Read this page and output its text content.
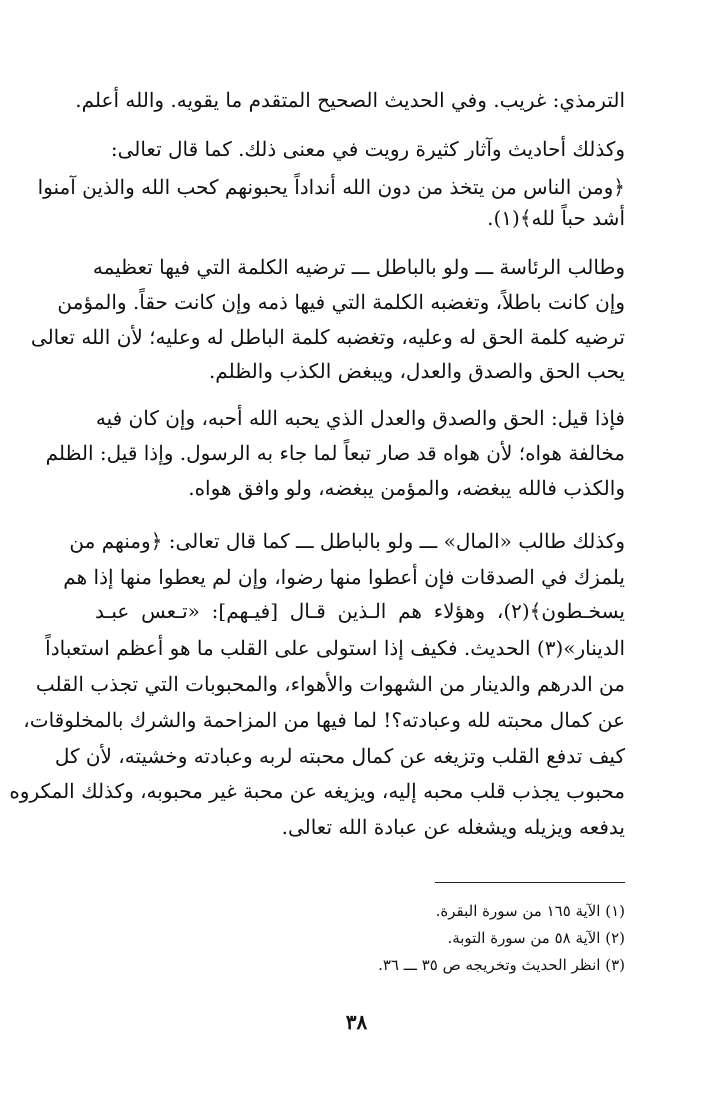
الترمذي: غريب. وفي الحديث الصحيح المتقدم ما يقويه. والله أعلم.
وكذلك أحاديث وآثار كثيرة رويت في معنى ذلك. كما قال تعالى:
﴿ومن الناس من يتخذ من دون الله أنداداً يحبونهم كحب الله والذين آمنوا
أشد حباً لله﴾(١).
وطالب الرئاسة ـــ ولو بالباطل ـــ ترضيه الكلمة التي فيها تعظيمه
وإن كانت باطلاً، وتغضبه الكلمة التي فيها ذمه وإن كانت حقاً. والمؤمن
ترضيه كلمة الحق له وعليه، وتغضبه كلمة الباطل له وعليه؛ لأن الله تعالى
يحب الحق والصدق والعدل، ويبغض الكذب والظلم.
فإذا قيل: الحق والصدق والعدل الذي يحبه الله أحبه، وإن كان فيه
مخالفة هواه؛ لأن هواه قد صار تبعاً لما جاء به الرسول. وإذا قيل: الظلم
والكذب فالله يبغضه، والمؤمن يبغضه، ولو وافق هواه.
وكذلك طالب «المال» ـــ ولو بالباطل ـــ كما قال تعالى: ﴿ومنهم من
يلمزك في الصدقات فإن أعطوا منها رضوا، وإن لم يعطوا منها إذا هم
يسخـطون﴾(٢)، وهؤلاء هم الـذين قـال [فيـهم]: «تـعس عبـد
الدينار»(٣) الحديث. فكيف إذا استولى على القلب ما هو أعظم استعباداً
من الدرهم والدينار من الشهوات والأهواء، والمحبوبات التي تجذب القلب
عن كمال محبته لله وعبادته؟! لما فيها من المزاحمة والشرك بالمخلوقات،
كيف تدفع القلب وتزيغه عن كمال محبته لربه وعبادته وخشيته، لأن كل
محبوب يجذب قلب محبه إليه، ويزيغه عن محبة غير محبوبه، وكذلك المكروه
يدفعه ويزيله ويشغله عن عبادة الله تعالى.
(١) الآية ١٦٥ من سورة البقرة.
(٢) الآية ٥٨ من سورة التوبة.
(٣) انظر الحديث وتخريجه ص ٣٥ ـــ ٣٦.
٣٨
